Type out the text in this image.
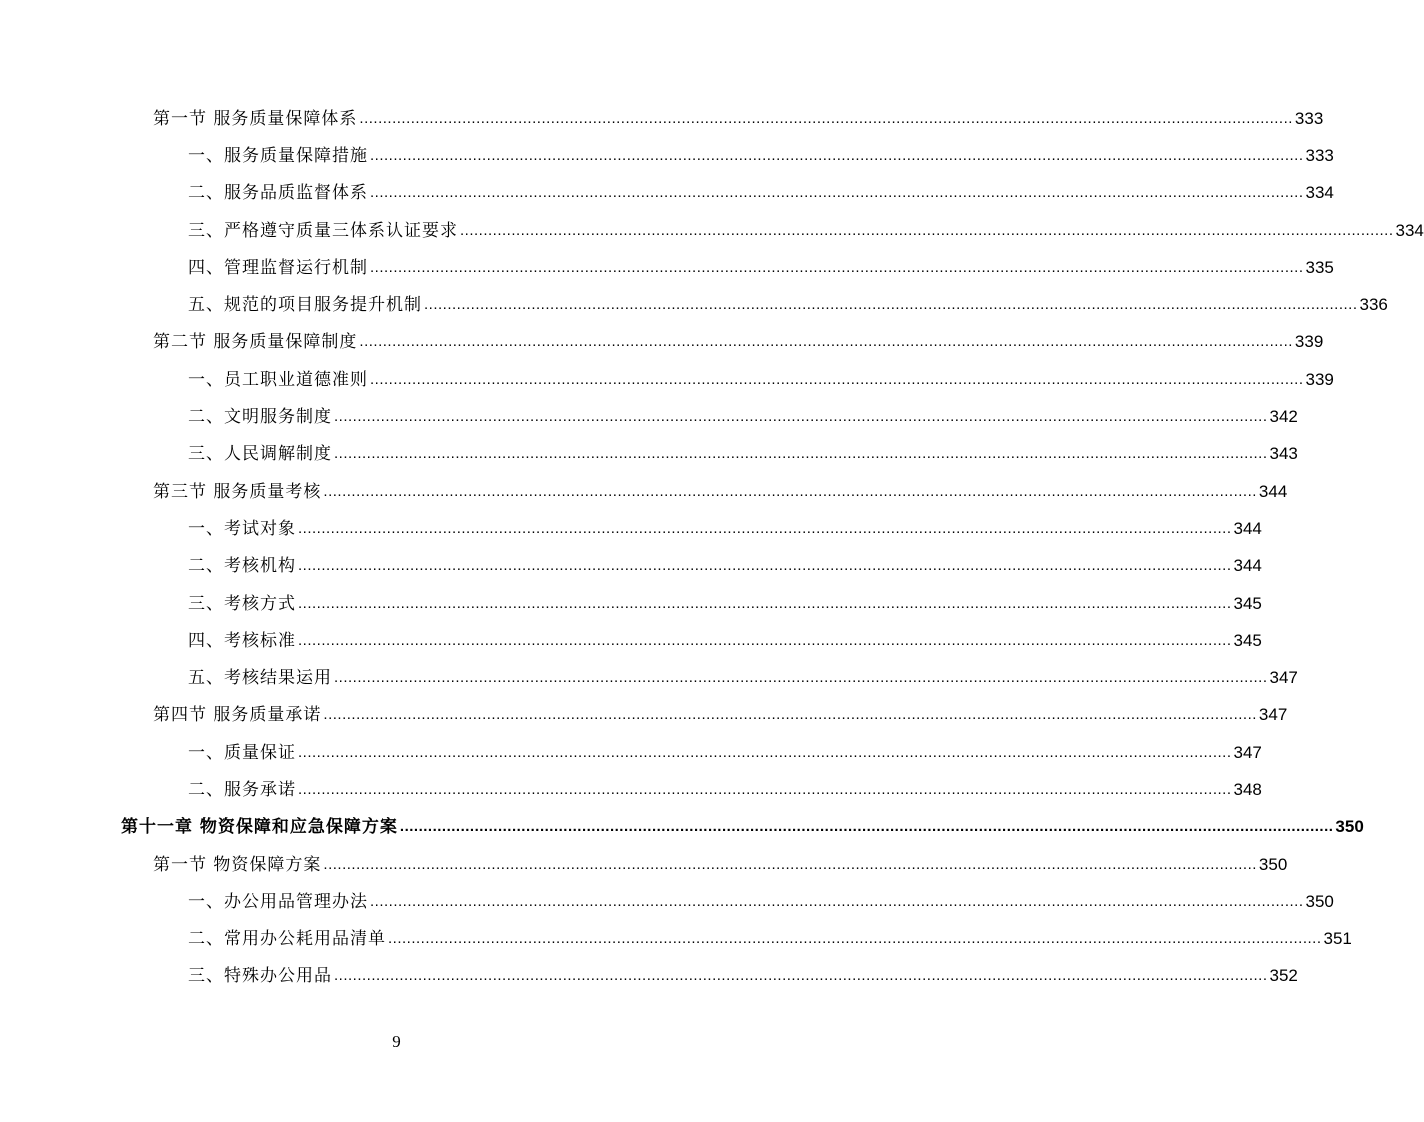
第一节 服务质量保障体系 ........................................................................................................................................................................................................ 333
一、服务质量保障措施 ........................................................................................................................................................................................................ 333
二、服务品质监督体系 ........................................................................................................................................................................................................ 334
三、严格遵守质量三体系认证要求 ........................................................................................................................................................................................................ 334
四、管理监督运行机制 ........................................................................................................................................................................................................ 335
五、规范的项目服务提升机制 ........................................................................................................................................................................................................ 336
第二节 服务质量保障制度 ........................................................................................................................................................................................................ 339
一、员工职业道德准则 ........................................................................................................................................................................................................ 339
二、文明服务制度 ........................................................................................................................................................................................................ 342
三、人民调解制度 ........................................................................................................................................................................................................ 343
第三节 服务质量考核 ........................................................................................................................................................................................................ 344
一、考试对象 ........................................................................................................................................................................................................ 344
二、考核机构 ........................................................................................................................................................................................................ 344
三、考核方式 ........................................................................................................................................................................................................ 345
四、考核标准 ........................................................................................................................................................................................................ 345
五、考核结果运用 ........................................................................................................................................................................................................ 347
第四节 服务质量承诺 ........................................................................................................................................................................................................ 347
一、质量保证 ........................................................................................................................................................................................................ 347
二、服务承诺 ........................................................................................................................................................................................................ 348
第十一章 物资保障和应急保障方案 ........................................................................................................................................................................................................ 350
第一节 物资保障方案 ........................................................................................................................................................................................................ 350
一、办公用品管理办法 ........................................................................................................................................................................................................ 350
二、常用办公耗用品清单 ........................................................................................................................................................................................................ 351
三、特殊办公用品 ........................................................................................................................................................................................................ 352
9
